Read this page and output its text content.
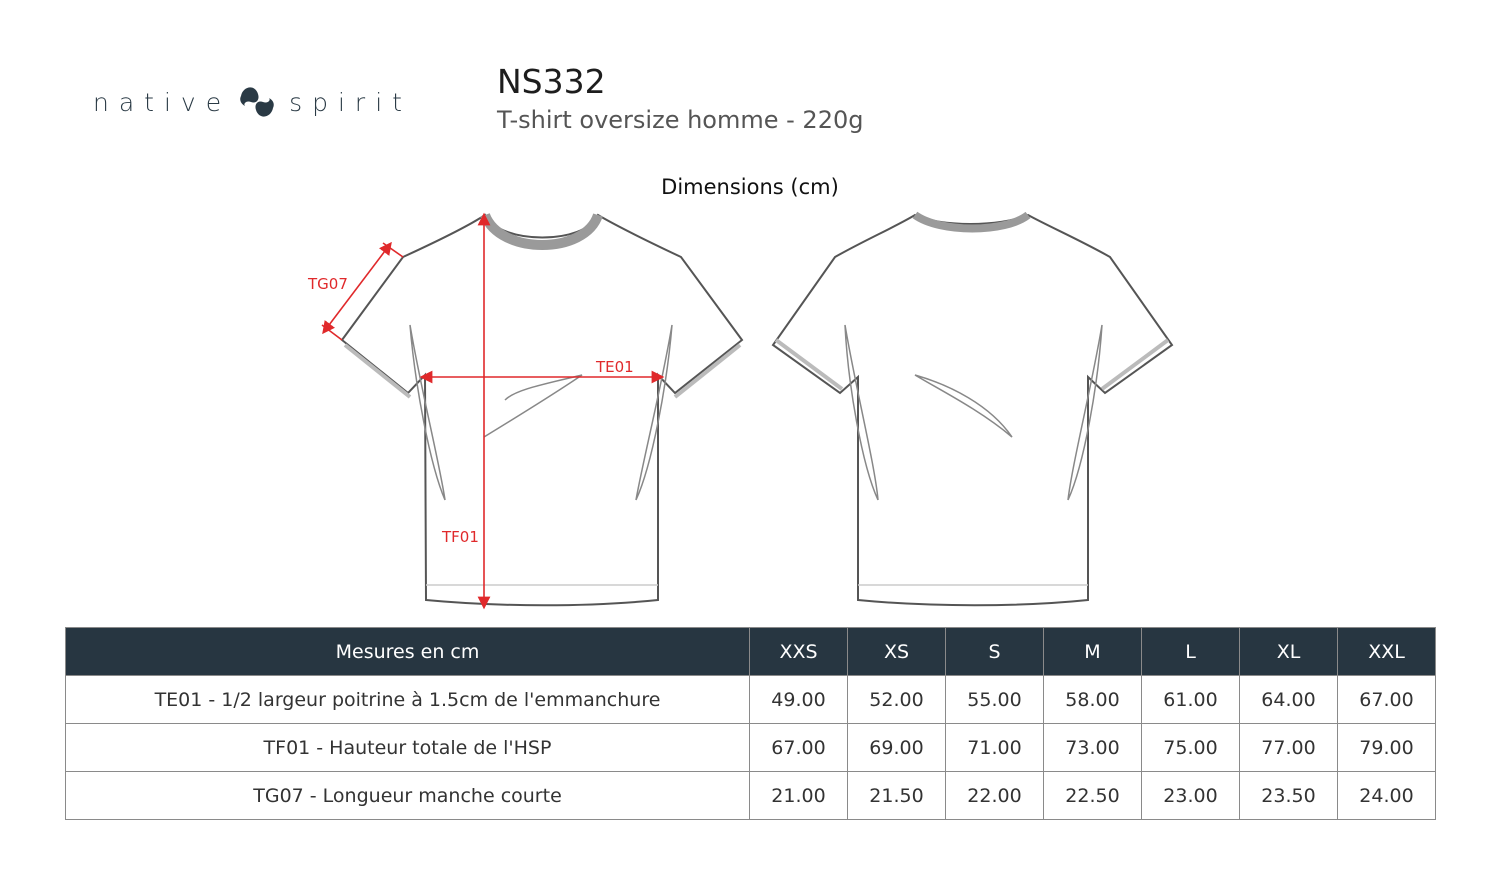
native spirit
NS332
T-shirt oversize homme - 220g
Dimensions (cm)
TG07
TE01
TF01
Mesures en cm	XXS	XS	S	M	L	XL	XXL
TE01 - 1/2 largeur poitrine à 1.5cm de l'emmanchure	49.00	52.00	55.00	58.00	61.00	64.00	67.00
TF01 - Hauteur totale de l'HSP	67.00	69.00	71.00	73.00	75.00	77.00	79.00
TG07 - Longueur manche courte	21.00	21.50	22.00	22.50	23.00	23.50	24.00
